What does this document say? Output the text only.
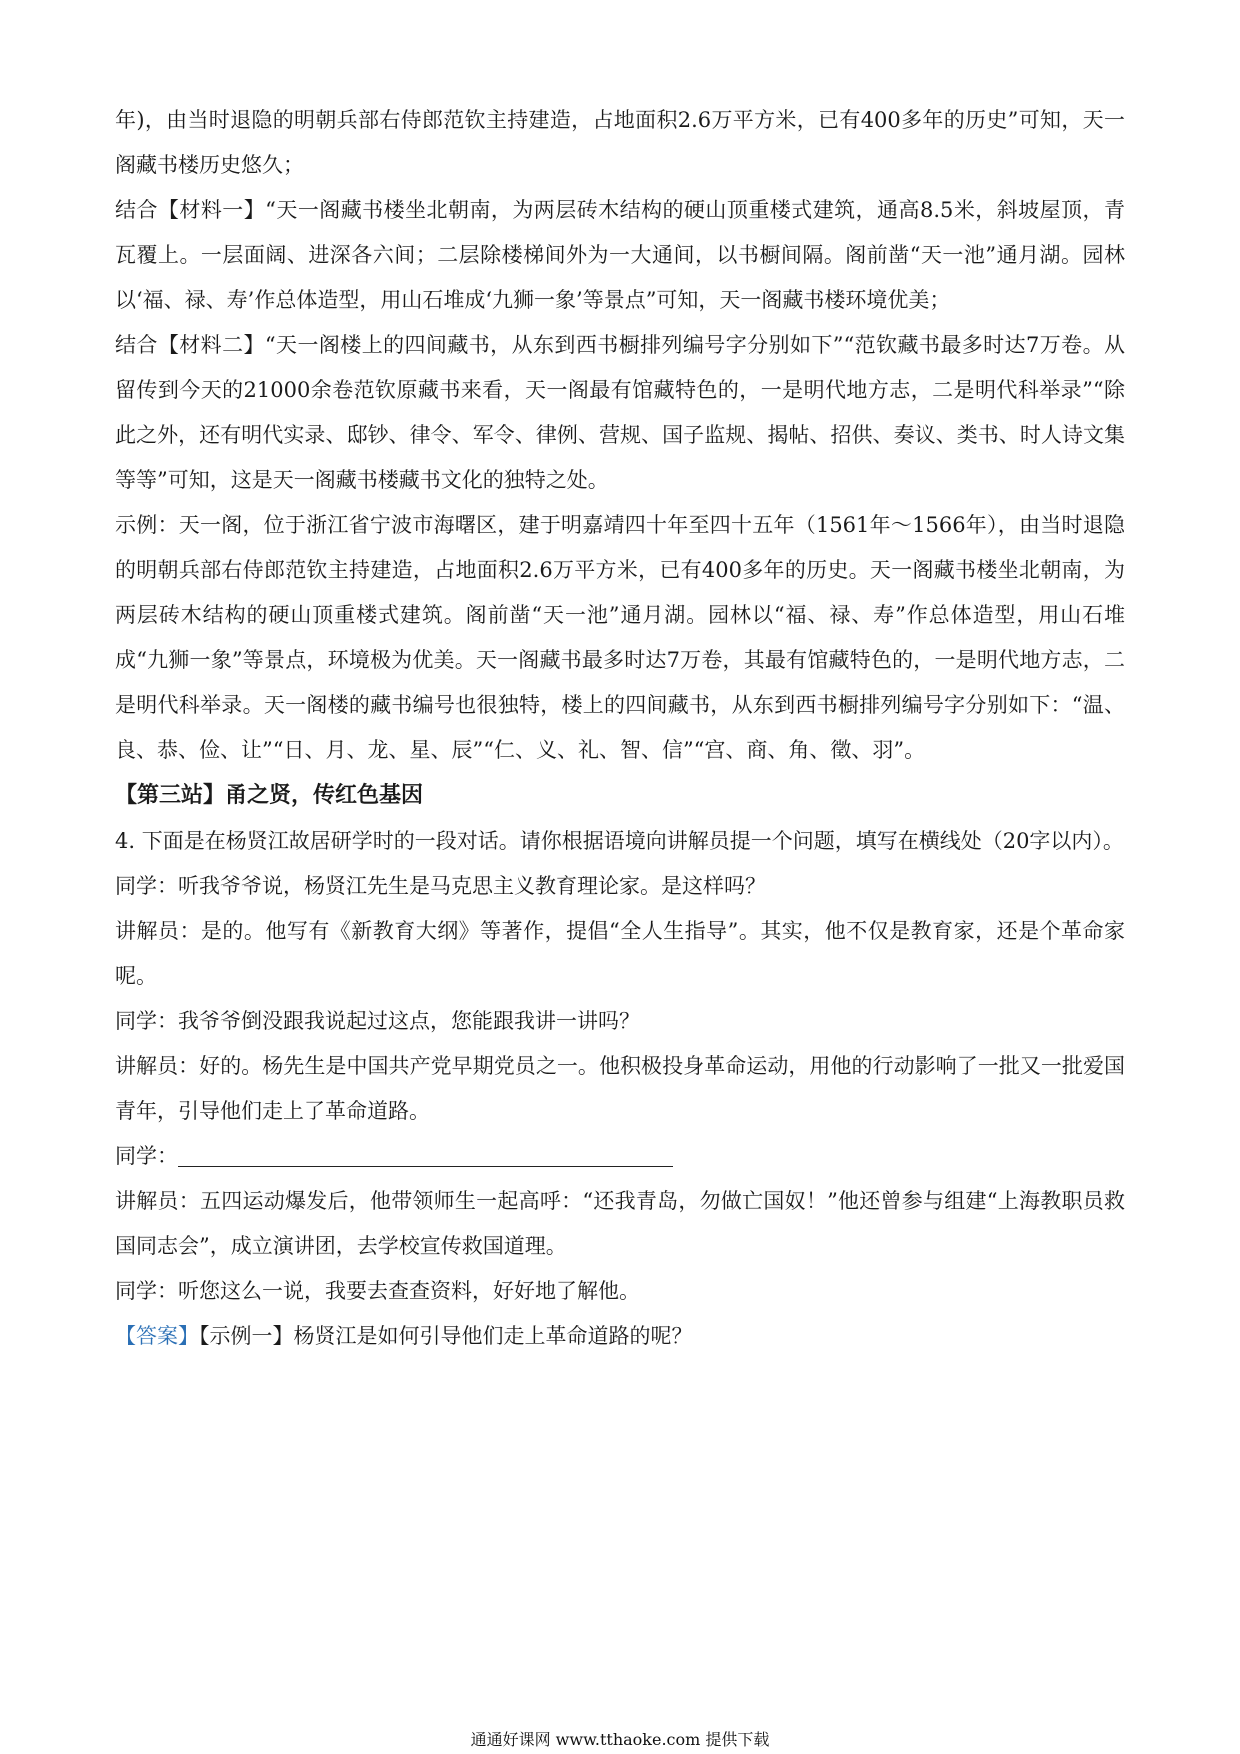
年)，由当时退隐的明朝兵部右侍郎范钦主持建造，占地面积2.6万平方米，已有400多年的历史”可知，天一阁藏书楼历史悠久；

结合【材料一】“天一阁藏书楼坐北朝南，为两层砖木结构的硬山顶重楼式建筑，通高8.5米，斜坡屋顶，青瓦覆上。一层面阔、进深各六间；二层除楼梯间外为一大通间，以书橱间隔。阁前凿“天一池”通月湖。园林以‘福、禄、寿’作总体造型，用山石堆成‘九狮一象’等景点”可知，天一阁藏书楼环境优美；

结合【材料二】“天一阁楼上的四间藏书，从东到西书橱排列编号字分别如下”“范钦藏书最多时达7万卷。从留传到今天的21000余卷范钦原藏书来看，天一阁最有馆藏特色的，一是明代地方志，二是明代科举录”“除此之外，还有明代实录、邸钞、律令、军令、律例、营规、国子监规、揭帖、招供、奏议、类书、时人诗文集等等”可知，这是天一阁藏书楼藏书文化的独特之处。

示例：天一阁，位于浙江省宁波市海曙区，建于明嘉靖四十年至四十五年（1561年～1566年），由当时退隐的明朝兵部右侍郎范钦主持建造，占地面积2.6万平方米，已有400多年的历史。天一阁藏书楼坐北朝南，为两层砖木结构的硬山顶重楼式建筑。阁前凿“天一池”通月湖。园林以“福、禄、寿”作总体造型，用山石堆成“九狮一象”等景点，环境极为优美。天一阁藏书最多时达7万卷，其最有馆藏特色的，一是明代地方志，二是明代科举录。天一阁楼的藏书编号也很独特，楼上的四间藏书，从东到西书橱排列编号字分别如下：“温、良、恭、俭、让”“日、月、龙、星、辰”“仁、义、礼、智、信”“宫、商、角、徵、羽”。

【第三站】甬之贤，传红色基因

4. 下面是在杨贤江故居研学时的一段对话。请你根据语境向讲解员提一个问题，填写在横线处（20字以内）。

同学：听我爷爷说，杨贤江先生是马克思主义教育理论家。是这样吗？

讲解员：是的。他写有《新教育大纲》等著作，提倡“全人生指导”。其实，他不仅是教育家，还是个革命家呢。

同学：我爷爷倒没跟我说起过这点，您能跟我讲一讲吗？

讲解员：好的。杨先生是中国共产党早期党员之一。他积极投身革命运动，用他的行动影响了一批又一批爱国青年，引导他们走上了革命道路。

同学：

讲解员：五四运动爆发后，他带领师生一起高呼：“还我青岛，勿做亡国奴！”他还曾参与组建“上海教职员救国同志会”，成立演讲团，去学校宣传救国道理。

同学：听您这么一说，我要去查查资料，好好地了解他。

【答案】【示例一】杨贤江是如何引导他们走上革命道路的呢？

通通好课网 www.tthaoke.com 提供下载
